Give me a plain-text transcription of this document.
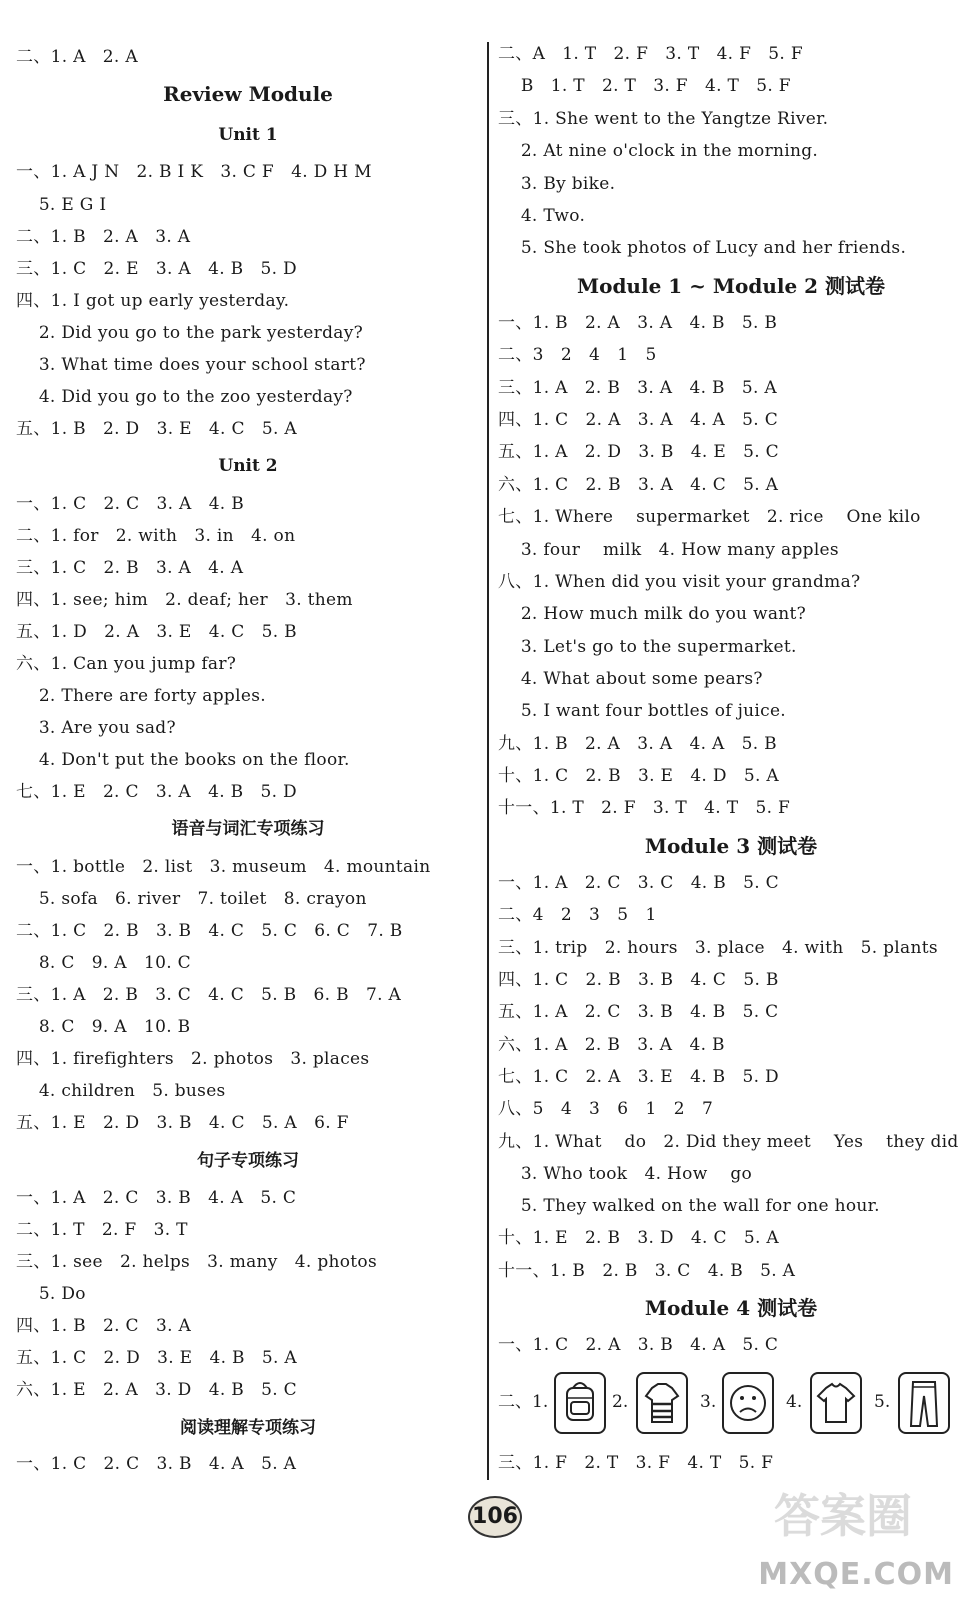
二、1. A   2. A
Review Module
Unit 1
一、1. A J N   2. B I K   3. C F   4. D H M
5. E G I
二、1. B   2. A   3. A
三、1. C   2. E   3. A   4. B   5. D
四、1. I got up early yesterday.
2. Did you go to the park yesterday?
3. What time does your school start?
4. Did you go to the zoo yesterday?
五、1. B   2. D   3. E   4. C   5. A
Unit 2
一、1. C   2. C   3. A   4. B
二、1. for   2. with   3. in   4. on
三、1. C   2. B   3. A   4. A
四、1. see; him   2. deaf; her   3. them
五、1. D   2. A   3. E   4. C   5. B
六、1. Can you jump far?
2. There are forty apples.
3. Are you sad?
4. Don't put the books on the floor.
七、1. E   2. C   3. A   4. B   5. D
语音与词汇专项练习
一、1. bottle   2. list   3. museum   4. mountain
5. sofa   6. river   7. toilet   8. crayon
二、1. C   2. B   3. B   4. C   5. C   6. C   7. B
8. C   9. A   10. C
三、1. A   2. B   3. C   4. C   5. B   6. B   7. A
8. C   9. A   10. B
四、1. firefighters   2. photos   3. places
4. children   5. buses
五、1. E   2. D   3. B   4. C   5. A   6. F
句子专项练习
一、1. A   2. C   3. B   4. A   5. C
二、1. T   2. F   3. T
三、1. see   2. helps   3. many   4. photos
5. Do
四、1. B   2. C   3. A
五、1. C   2. D   3. E   4. B   5. A
六、1. E   2. A   3. D   4. B   5. C
阅读理解专项练习
一、1. C   2. C   3. B   4. A   5. A
二、A   1. T   2. F   3. T   4. F   5. F
B   1. T   2. T   3. F   4. T   5. F
三、1. She went to the Yangtze River.
2. At nine o'clock in the morning.
3. By bike.
4. Two.
5. She took photos of Lucy and her friends.
Module 1 ~ Module 2 测试卷
一、1. B   2. A   3. A   4. B   5. B
二、3   2   4   1   5
三、1. A   2. B   3. A   4. B   5. A
四、1. C   2. A   3. A   4. A   5. C
五、1. A   2. D   3. B   4. E   5. C
六、1. C   2. B   3. A   4. C   5. A
七、1. Where    supermarket   2. rice    One kilo
3. four    milk   4. How many apples
八、1. When did you visit your grandma?
2. How much milk do you want?
3. Let's go to the supermarket.
4. What about some pears?
5. I want four bottles of juice.
九、1. B   2. A   3. A   4. A   5. B
十、1. C   2. B   3. E   4. D   5. A
十一、1. T   2. F   3. T   4. T   5. F
Module 3 测试卷
一、1. A   2. C   3. C   4. B   5. C
二、4   2   3   5   1
三、1. trip   2. hours   3. place   4. with   5. plants
四、1. C   2. B   3. B   4. C   5. B
五、1. A   2. C   3. B   4. B   5. C
六、1. A   2. B   3. A   4. B
七、1. C   2. A   3. E   4. B   5. D
八、5   4   3   6   1   2   7
九、1. What    do   2. Did they meet    Yes    they did
3. Who took   4. How    go
5. They walked on the wall for one hour.
十、1. E   2. B   3. D   4. C   5. A
十一、1. B   2. B   3. C   4. B   5. A
Module 4 测试卷
一、1. C   2. A   3. B   4. A   5. C
二、1.	2.	3.	4.	5.
三、1. F   2. T   3. F   4. T   5. F
106	答案圈
MXQE.COM
